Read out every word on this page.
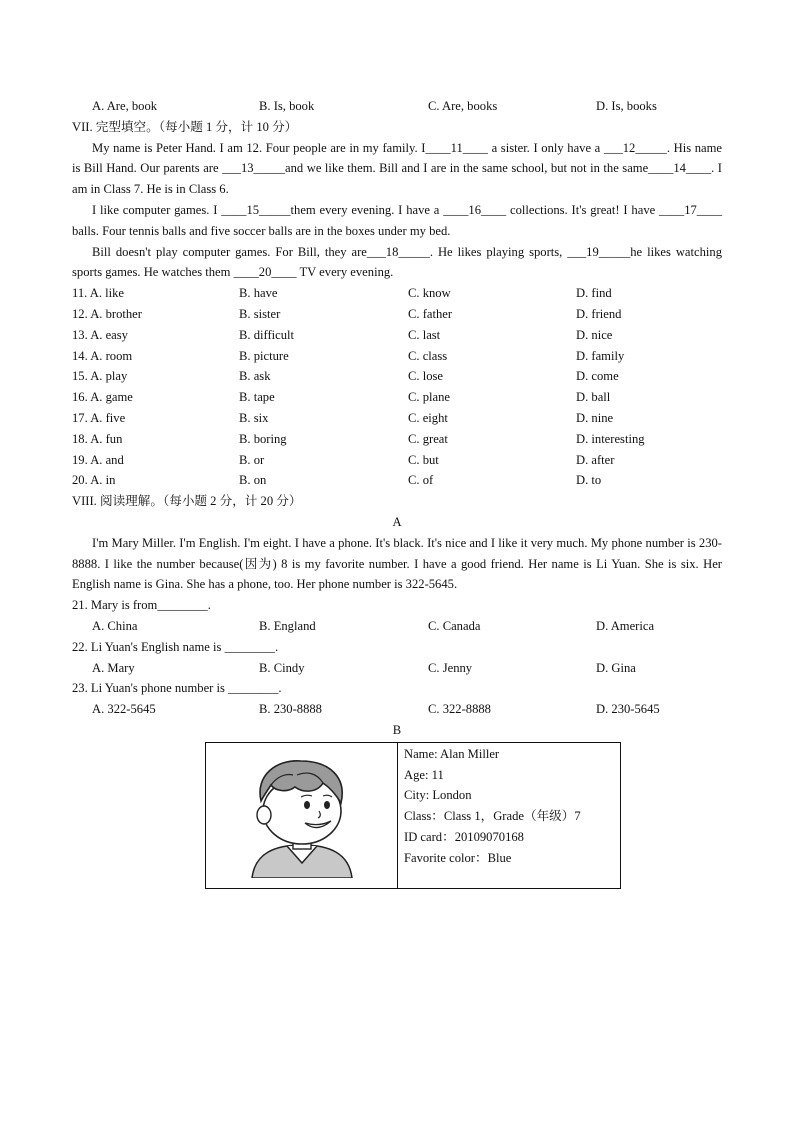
A. Are, book	B. Is, book	C. Are, books	D. Is, books
VII. 完型填空。（每小题 1 分，计 10 分）
My name is Peter Hand. I am 12. Four people are in my family. I____11____ a sister. I only have a ___12_____. His name is Bill Hand. Our parents are ___13_____and we like them. Bill and I are in the same school, but not in the same____14____. I am in Class 7. He is in Class 6.
I like computer games. I ____15_____them every evening. I have a ____16____ collections. It's great! I have ____17____ balls. Four tennis balls and five soccer balls are in the boxes under my bed.
Bill doesn't play computer games. For Bill, they are___18_____. He likes playing sports, ___19_____he likes watching sports games. He watches them ____20____ TV every evening.
11. A. like	B. have	C. know	D. find
12. A. brother	B. sister	C. father	D. friend
13. A. easy	B. difficult	C. last	D. nice
14. A. room	B. picture	C. class	D. family
15. A. play	B. ask	C. lose	D. come
16. A. game	B. tape	C. plane	D. ball
17. A. five	B. six	C. eight	D. nine
18. A. fun	B. boring	C. great	D. interesting
19. A. and	B. or	C. but	D. after
20. A. in	B. on	C. of	D. to
VIII. 阅读理解。（每小题 2 分，计 20 分）
A
I'm Mary Miller. I'm English. I'm eight. I have a phone. It's black. It's nice and I like it very much. My phone number is 230-8888. I like the number because(因为) 8 is my favorite number. I have a good friend. Her name is Li Yuan. She is six. Her English name is Gina. She has a phone, too. Her phone number is 322-5645.
21. Mary is from________.
A. China	B. England	C. Canada	D. America
22. Li Yuan's English name is ________.
A. Mary	B. Cindy	C. Jenny	D. Gina
23. Li Yuan's phone number is ________.
A. 322-5645	B. 230-8888	C. 322-8888	D. 230-5645
B
Name: Alan Miller
Age: 11
City: London
Class：Class 1，Grade（年级）7
ID card：20109070168
Favorite color：Blue
